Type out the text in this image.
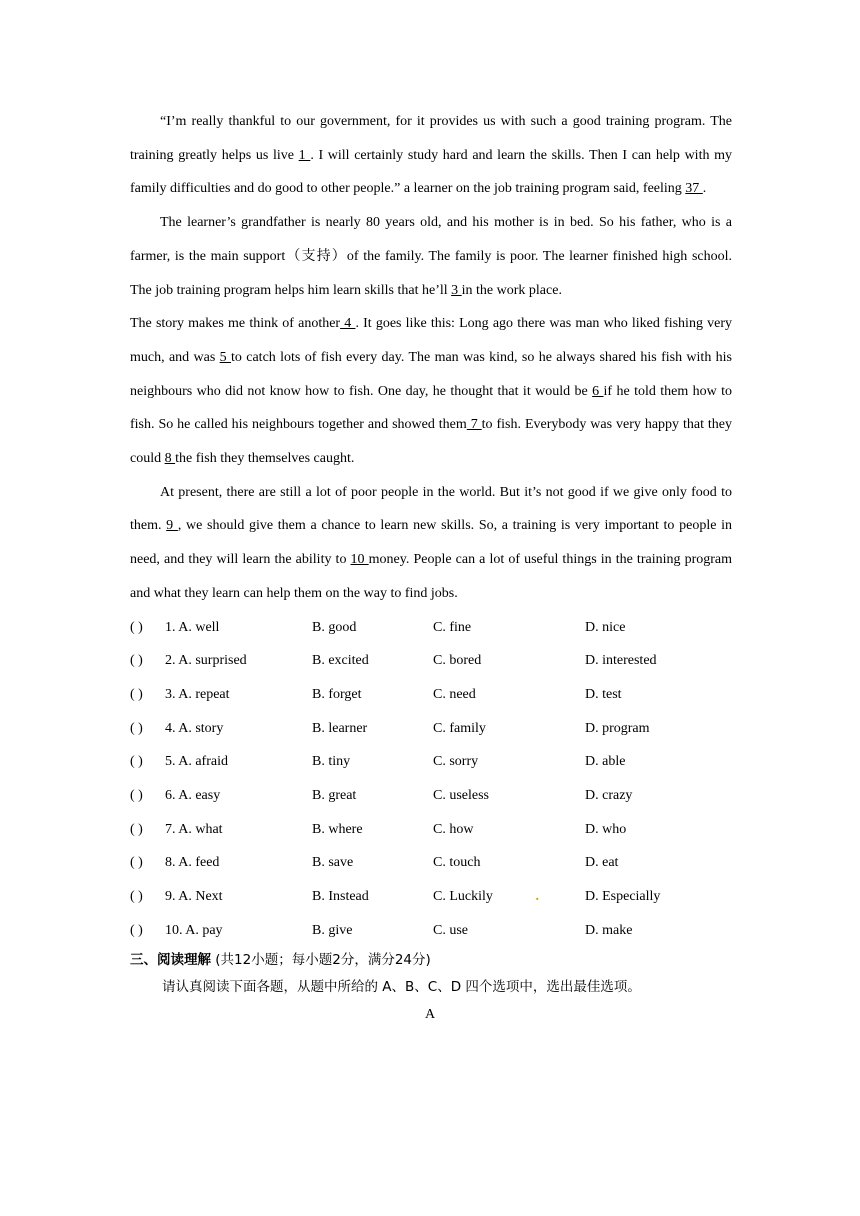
“I’m really thankful to our government, for it provides us with such a good training program. The training greatly helps us live 1 . I will certainly study hard and learn the skills. Then I can help with my family difficulties and do good to other people.” a learner on the job training program said, feeling 37 .

The learner’s grandfather is nearly 80 years old, and his mother is in bed. So his father, who is a farmer, is the main support（支持）of the family. The family is poor. The learner finished high school. The job training program helps him learn skills that he’ll 3 in the work place.

The story makes me think of another 4 . It goes like this: Long ago there was man who liked fishing very much, and was 5 to catch lots of fish every day. The man was kind, so he always shared his fish with his neighbours who did not know how to fish. One day, he thought that it would be 6 if he told them how to fish. So he called his neighbours together and showed them 7 to fish. Everybody was very happy that they could 8 the fish they themselves caught.

At present, there are still a lot of poor people in the world. But it’s not good if we give only food to them. 9 , we should give them a chance to learn new skills. So, a training is very important to people in need, and they will learn the ability to 10 money. People can a lot of useful things in the training program and what they learn can help them on the way to find jobs.

( ) 1. A. well	B. good	C. fine	D. nice
( ) 2. A. surprised	B. excited	C. bored	D. interested
( ) 3. A. repeat	B. forget	C. need	D. test
( ) 4. A. story	B. learner	C. family	D. program
( ) 5. A. afraid	B. tiny	C. sorry	D. able
( ) 6. A. easy	B. great	C. useless	D. crazy
( ) 7. A. what	B. where	C. how	D. who
( ) 8. A. feed	B. save	C. touch	D. eat
( ) 9. A. Next	B. Instead	C. Luckily	.	D. Especially
( ) 10. A. pay	B. give	C. use	D. make
三、阅读理解 (共12小题；每小题2分，满分24分)
请认真阅读下面各题，从题中所给的 A、B、C、D 四个选项中，选出最佳选项。
A
